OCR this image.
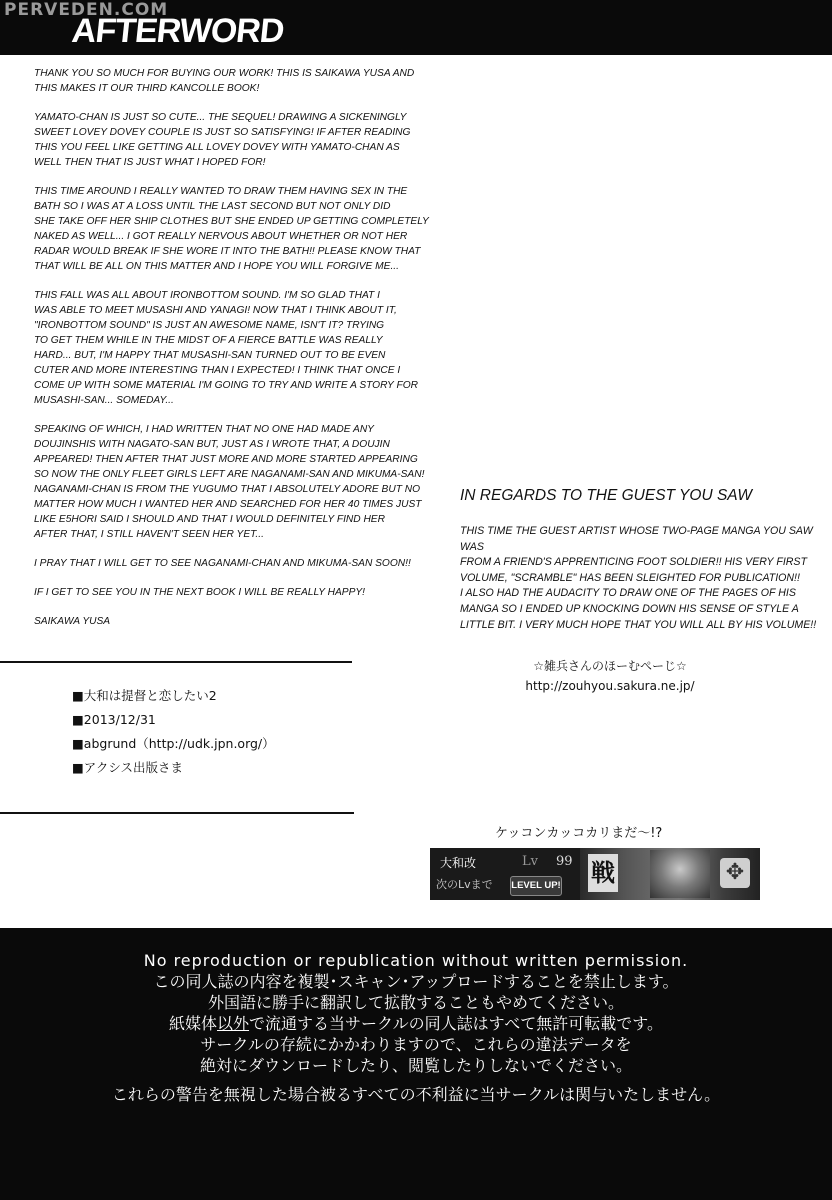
PERVEDEN.COM
AFTERWORD

THANK YOU SO MUCH FOR BUYING OUR WORK! THIS IS SAIKAWA YUSA AND
THIS MAKES IT OUR THIRD KANCOLLE BOOK!

YAMATO-CHAN IS JUST SO CUTE... THE SEQUEL! DRAWING A SICKENINGLY
SWEET LOVEY DOVEY COUPLE IS JUST SO SATISFYING! IF AFTER READING
THIS YOU FEEL LIKE GETTING ALL LOVEY DOVEY WITH YAMATO-CHAN AS
WELL THEN THAT IS JUST WHAT I HOPED FOR!

THIS TIME AROUND I REALLY WANTED TO DRAW THEM HAVING SEX IN THE
BATH SO I WAS AT A LOSS UNTIL THE LAST SECOND BUT NOT ONLY DID
SHE TAKE OFF HER SHIP CLOTHES BUT SHE ENDED UP GETTING COMPLETELY
NAKED AS WELL... I GOT REALLY NERVOUS ABOUT WHETHER OR NOT HER
RADAR WOULD BREAK IF SHE WORE IT INTO THE BATH!! PLEASE KNOW THAT
THAT WILL BE ALL ON THIS MATTER AND I HOPE YOU WILL FORGIVE ME...

THIS FALL WAS ALL ABOUT IRONBOTTOM SOUND. I'M SO GLAD THAT I
WAS ABLE TO MEET MUSASHI AND YANAGI! NOW THAT I THINK ABOUT IT,
"IRONBOTTOM SOUND" IS JUST AN AWESOME NAME, ISN'T IT? TRYING
TO GET THEM WHILE IN THE MIDST OF A FIERCE BATTLE WAS REALLY
HARD... BUT, I'M HAPPY THAT MUSASHI-SAN TURNED OUT TO BE EVEN
CUTER AND MORE INTERESTING THAN I EXPECTED! I THINK THAT ONCE I
COME UP WITH SOME MATERIAL I'M GOING TO TRY AND WRITE A STORY FOR
MUSASHI-SAN... SOMEDAY...

SPEAKING OF WHICH, I HAD WRITTEN THAT NO ONE HAD MADE ANY
DOUJINSHIS WITH NAGATO-SAN BUT, JUST AS I WROTE THAT, A DOUJIN
APPEARED! THEN AFTER THAT JUST MORE AND MORE STARTED APPEARING
SO NOW THE ONLY FLEET GIRLS LEFT ARE NAGANAMI-SAN AND MIKUMA-SAN!
NAGANAMI-CHAN IS FROM THE YUGUMO THAT I ABSOLUTELY ADORE BUT NO
MATTER HOW MUCH I WANTED HER AND SEARCHED FOR HER 40 TIMES JUST
LIKE E5HORI SAID I SHOULD AND THAT I WOULD DEFINITELY FIND HER
AFTER THAT, I STILL HAVEN'T SEEN HER YET...

I PRAY THAT I WILL GET TO SEE NAGANAMI-CHAN AND MIKUMA-SAN SOON!!

IF I GET TO SEE YOU IN THE NEXT BOOK I WILL BE REALLY HAPPY!

SAIKAWA YUSA

■大和は提督と恋したい2
■2013/12/31
■abgrund（http://udk.jpn.org/）
■アクシス出版さま
IN REGARDS TO THE GUEST YOU SAW
THIS TIME THE GUEST ARTIST WHOSE TWO-PAGE MANGA YOU SAW
WAS
FROM A FRIEND'S APPRENTICING FOOT SOLDIER!! HIS VERY FIRST
VOLUME, "SCRAMBLE" HAS BEEN SLEIGHTED FOR PUBLICATION!!
I ALSO HAD THE AUDACITY TO DRAW ONE OF THE PAGES OF HIS
MANGA SO I ENDED UP KNOCKING DOWN HIS SENSE OF STYLE A
LITTLE BIT. I VERY MUCH HOPE THAT YOU WILL ALL BY HIS VOLUME!!
☆雑兵さんのほーむぺーじ☆
http://zouhyou.sakura.ne.jp/
ケッコンカッコカリまだ～!?
大和改	Lv 99
次のLvまで LEVEL UP! 戦	✥
No reproduction or republication without written permission.
この同人誌の内容を複製･スキャン･アップロードすることを禁止します。
外国語に勝手に翻訳して拡散することもやめてください。
紙媒体以外で流通する当サークルの同人誌はすべて無許可転載です。
サークルの存続にかかわりますので、これらの違法データを
絶対にダウンロードしたり、閲覧したりしないでください。
これらの警告を無視した場合被るすべての不利益に当サークルは関与いたしません。
